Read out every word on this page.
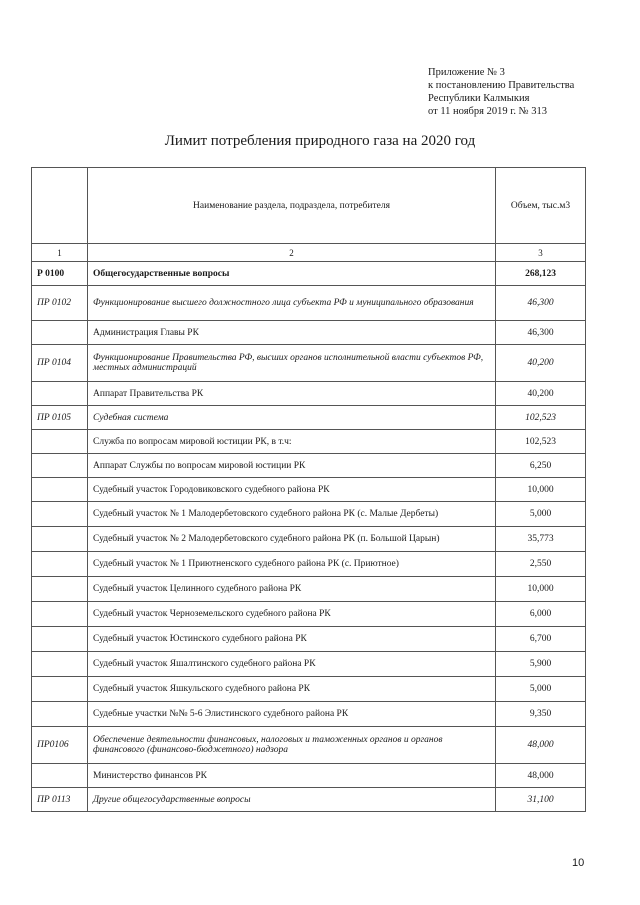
Приложение № 3
к постановлению Правительства
Республики Калмыкия
от 11 ноября 2019 г. № 313
Лимит потребления природного газа на 2020 год
	Наименование раздела, подраздела, потребителя	Объем, тыс.м3
1	2	3
Р 0100	Общегосударственные вопросы	268,123
ПР 0102	Функционирование высшего должностного лица субъекта РФ и муниципального образования	46,300
	Администрация Главы РК	46,300
ПР 0104	Функционирование Правительства РФ, высших органов исполнительной власти субъектов РФ, местных администраций	40,200
	Аппарат Правительства РК	40,200
ПР 0105	Судебная система	102,523
	Служба по вопросам мировой юстиции РК, в т.ч:	102,523
	Аппарат Службы по вопросам мировой юстиции РК	6,250
	Судебный участок Городовиковского судебного района РК	10,000
	Судебный участок № 1 Малодербетовского судебного района РК (с. Малые Дербеты)	5,000
	Судебный участок № 2 Малодербетовского судебного района РК (п. Большой Царын)	35,773
	Судебный участок № 1 Приютненского судебного района РК (с. Приютное)	2,550
	Судебный участок Целинного судебного района РК	10,000
	Судебный участок Черноземельского судебного района РК	6,000
	Судебный участок Юстинского судебного района РК	6,700
	Судебный участок Яшалтинского судебного района РК	5,900
	Судебный участок Яшкульского судебного района РК	5,000
	Судебные участки №№ 5-6 Элистинского судебного района РК	9,350
ПР0106	Обеспечение деятельности финансовых, налоговых и таможенных органов и органов финансового (финансово-бюджетного) надзора	48,000
	Министерство финансов РК	48,000
ПР 0113	Другие общегосударственные вопросы	31,100
10
